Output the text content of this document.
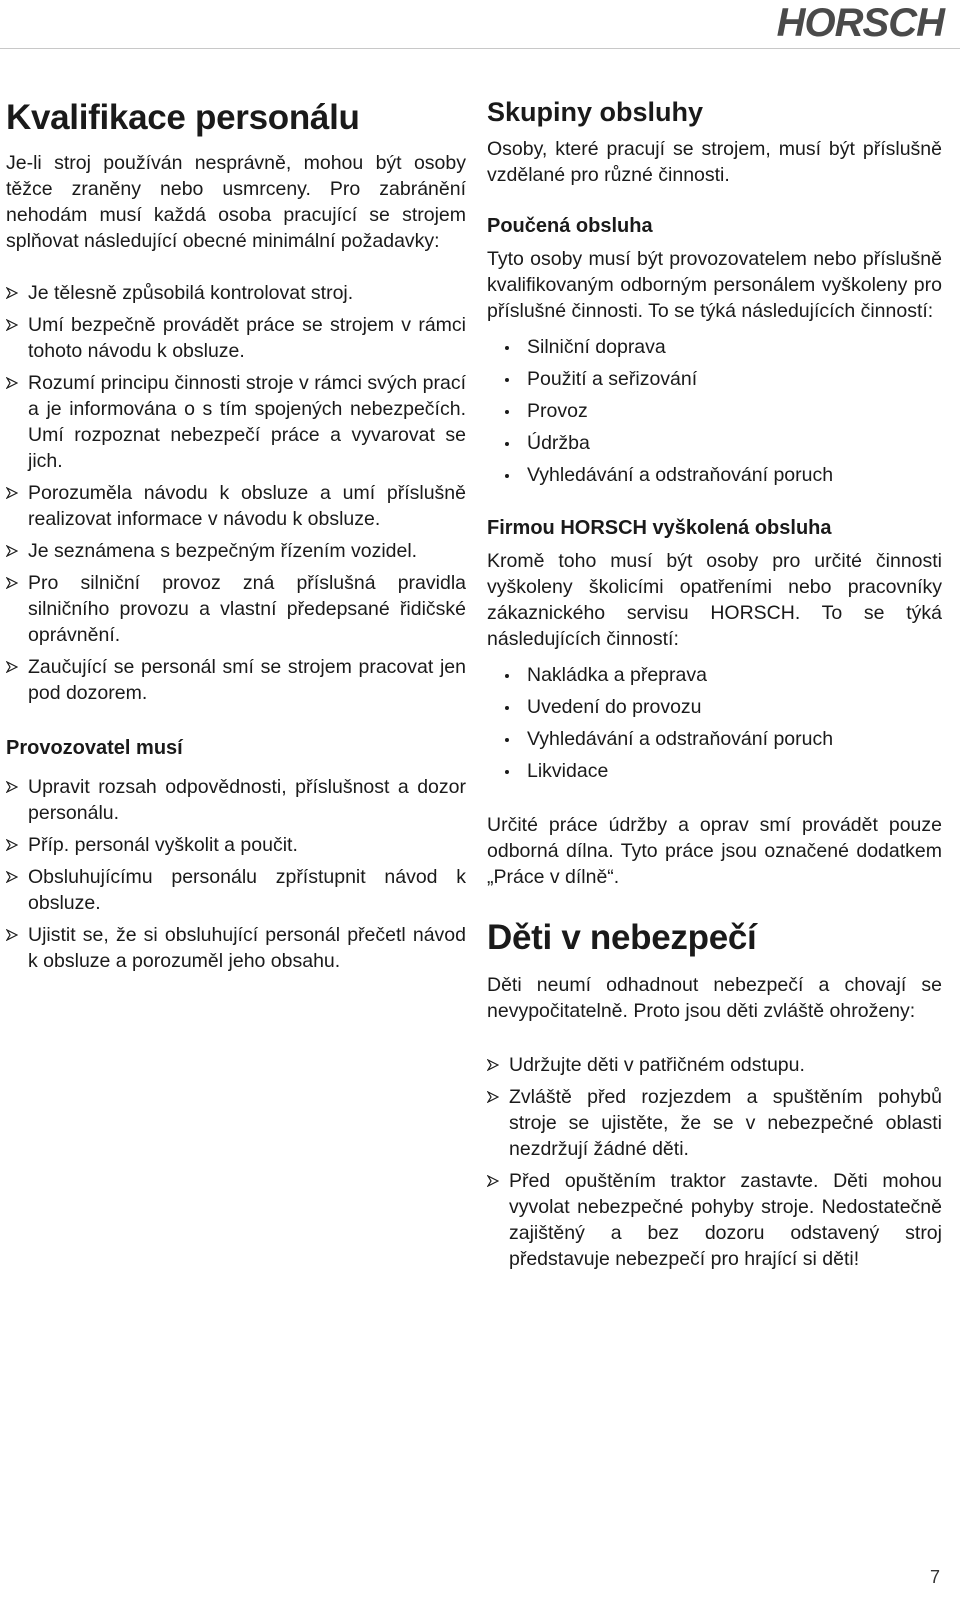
HORSCH
Kvalifikace personálu

Je-li stroj používán nesprávně, mohou být osoby těžce zraněny nebo usmrceny. Pro zabránění nehodám musí každá osoba pracující se strojem splňovat následující obecné minimální požadavky:

Je tělesně způsobilá kontrolovat stroj.
Umí bezpečně provádět práce se strojem v rámci tohoto návodu k obsluze.
Rozumí principu činnosti stroje v rámci svých prací a je informována o s tím spojených nebezpečích. Umí rozpoznat nebezpečí práce a vyvarovat se jich.
Porozuměla návodu k obsluze a umí příslušně realizovat informace v návodu k obsluze.
Je seznámena s bezpečným řízením vozidel.
Pro silniční provoz zná příslušná pravidla silničního provozu a vlastní předepsané řidičské oprávnění.
Zaučující se personál smí se strojem pracovat jen pod dozorem.
Provozovatel musí
Upravit rozsah odpovědnosti, příslušnost a dozor personálu.
Příp. personál vyškolit a poučit.
Obsluhujícímu personálu zpřístupnit návod k obsluze.
Ujistit se, že si obsluhující personál přečetl návod k obsluze a porozuměl jeho obsahu.
Skupiny obsluhy

Osoby, které pracují se strojem, musí být příslušně vzdělané pro různé činnosti.

Poučená obsluha

Tyto osoby musí být provozovatelem nebo příslušně kvalifikovaným odborným personálem vyškoleny pro příslušné činnosti. To se týká následujících činností:

Silniční doprava
Použití a seřizování
Provoz
Údržba
Vyhledávání a odstraňování poruch
Firmou HORSCH vyškolená obsluha

Kromě toho musí být osoby pro určité činnosti vyškoleny školicími opatřeními nebo pracovníky zákaznického servisu HORSCH. To se týká následujících činností:

Nakládka a přeprava
Uvedení do provozu
Vyhledávání a odstraňování poruch
Likvidace

Určité práce údržby a oprav smí provádět pouze odborná dílna. Tyto práce jsou označené dodatkem „Práce v dílně“.

Děti v nebezpečí

Děti neumí odhadnout nebezpečí a chovají se nevypočitatelně. Proto jsou děti zvláště ohroženy:

Udržujte děti v patřičném odstupu.
Zvláště před rozjezdem a spuštěním pohybů stroje se ujistěte, že se v nebezpečné oblasti nezdržují žádné děti.
Před opuštěním traktor zastavte. Děti mohou vyvolat nebezpečné pohyby stroje. Nedostatečně zajištěný a bez dozoru odstavený stroj představuje nebezpečí pro hrající si děti!
7
